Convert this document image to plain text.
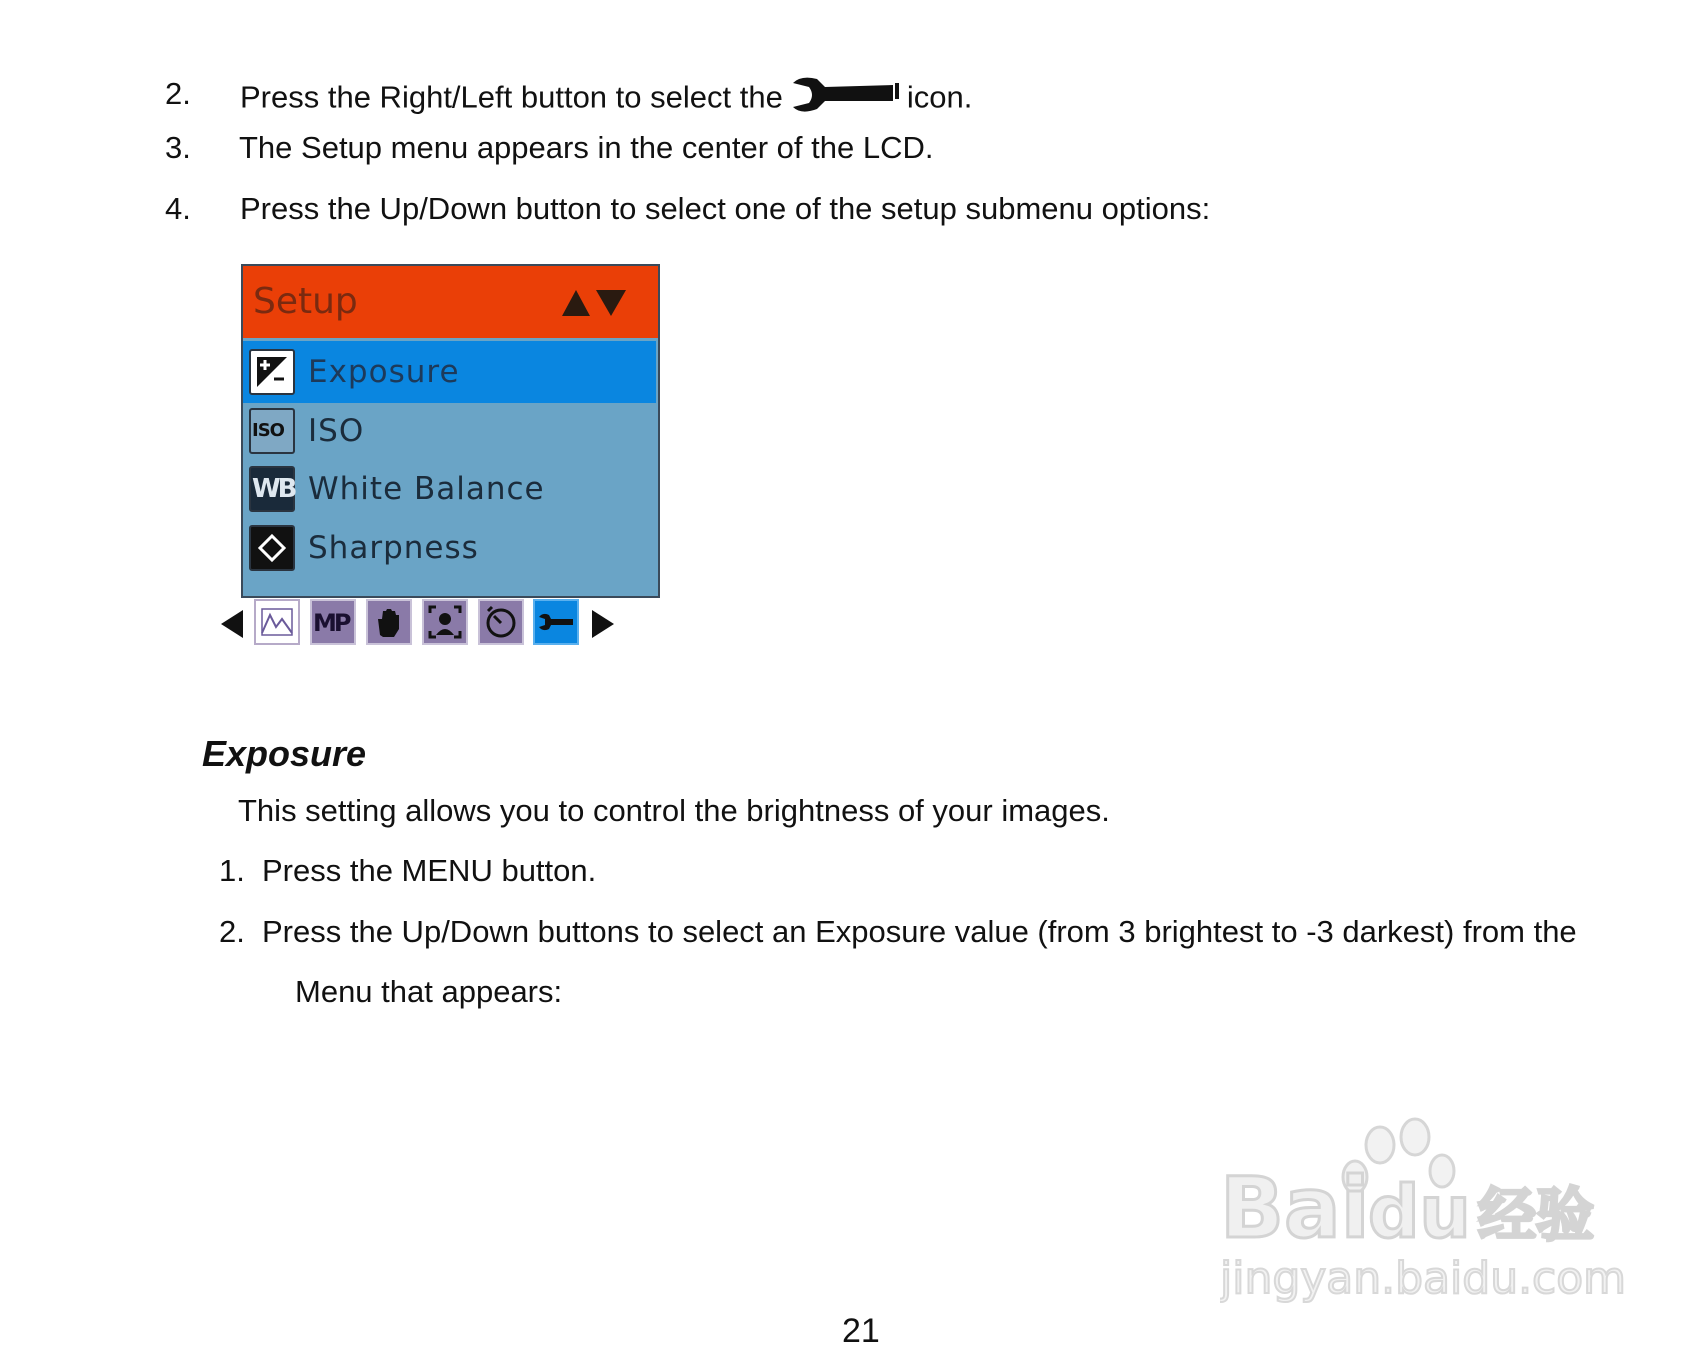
2. Press the Right/Left button to select the	icon.
3. The Setup menu appears in the center of the LCD.
4. Press the Up/Down button to select one of the setup submenu options:
Setup
Exposure
ISO ISO
WB White Balance
Sharpness
MP
Exposure
This setting allows you to control the brightness of your images.
1. Press the MENU button.
2. Press the Up/Down buttons to select an Exposure value (from 3 brightest to -3 darkest) from the
Menu that appears:
Bai
du 经验
jingyan.baidu.com
21
